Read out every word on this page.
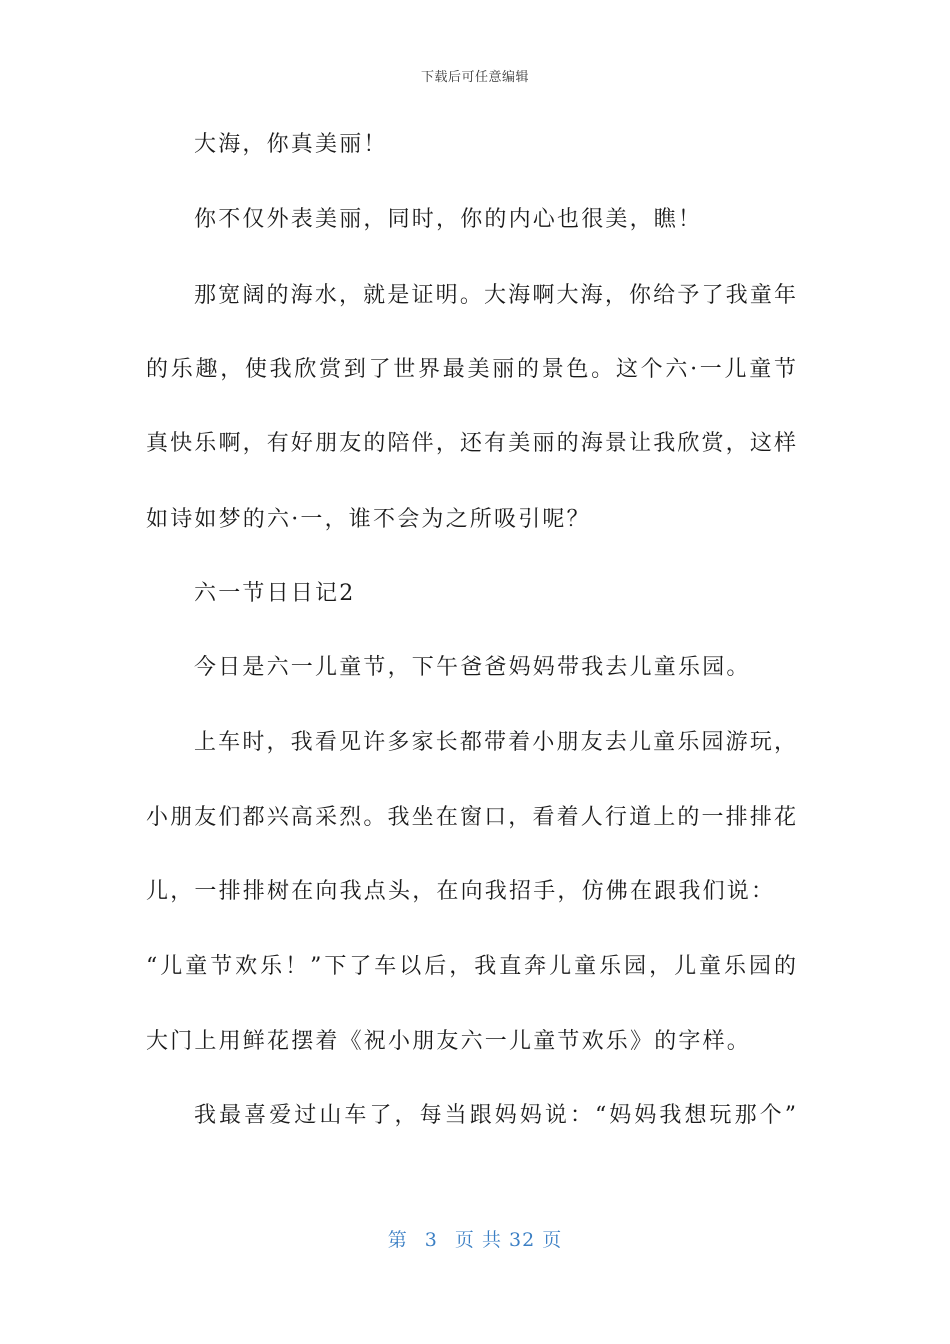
下载后可任意编辑
大海，你真美丽！
你不仅外表美丽，同时，你的内心也很美，瞧！
那宽阔的海水，就是证明。大海啊大海，你给予了我童年
的乐趣，使我欣赏到了世界最美丽的景色。这个六·一儿童节
真快乐啊，有好朋友的陪伴，还有美丽的海景让我欣赏，这样
如诗如梦的六·一，谁不会为之所吸引呢？
六一节日日记2
今日是六一儿童节，下午爸爸妈妈带我去儿童乐园。
上车时，我看见许多家长都带着小朋友去儿童乐园游玩，
小朋友们都兴高采烈。我坐在窗口，看着人行道上的一排排花
儿，一排排树在向我点头，在向我招手，仿佛在跟我们说：
“儿童节欢乐！”下了车以后，我直奔儿童乐园，儿童乐园的
大门上用鲜花摆着《祝小朋友六一儿童节欢乐》的字样。
我最喜爱过山车了，每当跟妈妈说：“妈妈我想玩那个”
第 3 页 共 32 页
